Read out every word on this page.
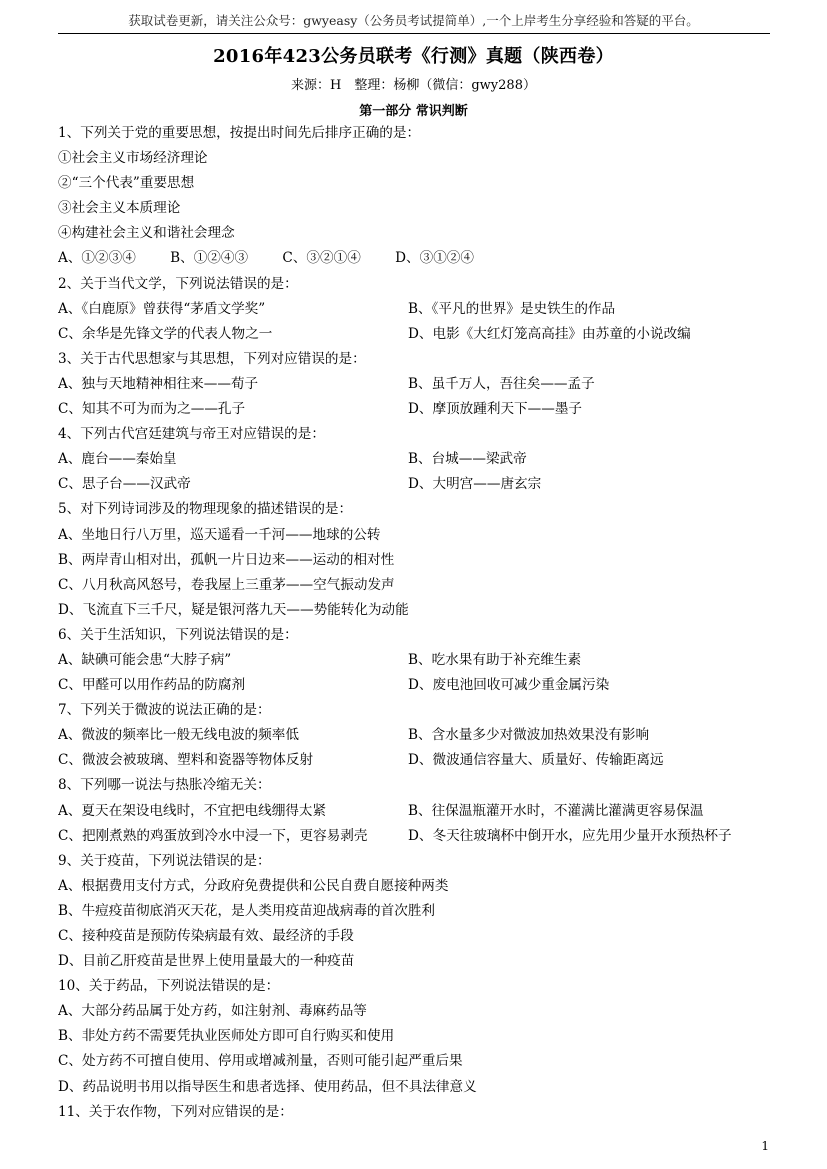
获取试卷更新，请关注公众号：gwyeasy（公务员考试提简单）,一个上岸考生分享经验和答疑的平台。
2016年423公务员联考《行测》真题（陕西卷）
来源：H　整理：杨柳（微信：gwy288）
第一部分 常识判断
1、下列关于党的重要思想，按提出时间先后排序正确的是：
①社会主义市场经济理论
②“三个代表”重要思想
③社会主义本质理论
④构建社会主义和谐社会理念
A、①②③④	B、①②④③	C、③②①④	D、③①②④
2、关于当代文学，下列说法错误的是：
A、《白鹿原》曾获得“茅盾文学奖”	B、《平凡的世界》是史铁生的作品
C、余华是先锋文学的代表人物之一	D、电影《大红灯笼高高挂》由苏童的小说改编
3、关于古代思想家与其思想，下列对应错误的是：
A、独与天地精神相往来——荀子	B、虽千万人，吾往矣——孟子
C、知其不可为而为之——孔子	D、摩顶放踵利天下——墨子
4、下列古代宫廷建筑与帝王对应错误的是：
A、鹿台——秦始皇	B、台城——梁武帝
C、思子台——汉武帝	D、大明宫——唐玄宗
5、对下列诗词涉及的物理现象的描述错误的是：
A、坐地日行八万里，巡天遥看一千河——地球的公转
B、两岸青山相对出，孤帆一片日边来——运动的相对性
C、八月秋高风怒号，卷我屋上三重茅——空气振动发声
D、飞流直下三千尺，疑是银河落九天——势能转化为动能
6、关于生活知识，下列说法错误的是：
A、缺碘可能会患“大脖子病”	B、吃水果有助于补充维生素
C、甲醛可以用作药品的防腐剂	D、废电池回收可减少重金属污染
7、下列关于微波的说法正确的是：
A、微波的频率比一般无线电波的频率低	B、含水量多少对微波加热效果没有影响
C、微波会被玻璃、塑料和瓷器等物体反射	D、微波通信容量大、质量好、传输距离远
8、下列哪一说法与热胀冷缩无关：
A、夏天在架设电线时，不宜把电线绷得太紧	B、往保温瓶灌开水时，不灌满比灌满更容易保温
C、把刚煮熟的鸡蛋放到冷水中浸一下，更容易剥壳	D、冬天往玻璃杯中倒开水，应先用少量开水预热杯子
9、关于疫苗，下列说法错误的是：
A、根据费用支付方式，分政府免费提供和公民自费自愿接种两类
B、牛痘疫苗彻底消灭天花，是人类用疫苗迎战病毒的首次胜利
C、接种疫苗是预防传染病最有效、最经济的手段
D、目前乙肝疫苗是世界上使用量最大的一种疫苗
10、关于药品，下列说法错误的是：
A、大部分药品属于处方药，如注射剂、毒麻药品等
B、非处方药不需要凭执业医师处方即可自行购买和使用
C、处方药不可擅自使用、停用或增减剂量，否则可能引起严重后果
D、药品说明书用以指导医生和患者选择、使用药品，但不具法律意义
11、关于农作物，下列对应错误的是：
1
